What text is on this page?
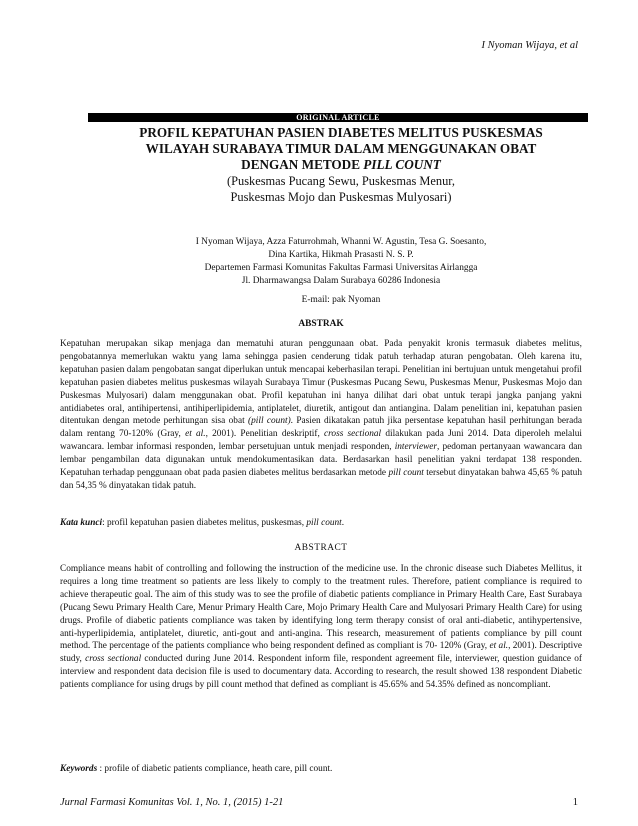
I Nyoman Wijaya, et al
ORIGINAL ARTICLE
PROFIL KEPATUHAN PASIEN DIABETES MELITUS PUSKESMAS
WILAYAH SURABAYA TIMUR DALAM MENGGUNAKAN OBAT
DENGAN METODE PILL COUNT
(Puskesmas Pucang Sewu, Puskesmas Menur,
Puskesmas Mojo dan Puskesmas Mulyosari)
I Nyoman Wijaya, Azza Faturrohmah, Whanni W. Agustin, Tesa G. Soesanto,
Dina Kartika, Hikmah Prasasti N. S. P.
Departemen Farmasi Komunitas Fakultas Farmasi Universitas Airlangga
Jl. Dharmawangsa Dalam Surabaya 60286 Indonesia
E-mail: pak Nyoman
ABSTRAK

Kepatuhan merupakan sikap menjaga dan mematuhi aturan penggunaan obat. Pada penyakit kronis termasuk diabetes melitus, pengobatannya memerlukan waktu yang lama sehingga pasien cenderung tidak patuh terhadap aturan pengobatan. Oleh karena itu, kepatuhan pasien dalam pengobatan sangat diperlukan untuk mencapai keberhasilan terapi. Penelitian ini bertujuan untuk mengetahui profil kepatuhan pasien diabetes melitus puskesmas wilayah Surabaya Timur (Puskesmas Pucang Sewu, Puskesmas Menur, Puskesmas Mojo dan Puskesmas Mulyosari) dalam menggunakan obat. Profil kepatuhan ini hanya dilihat dari obat untuk terapi jangka panjang yakni antidiabetes oral, antihipertensi, antihiperlipidemia, antiplatelet, diuretik, antigout dan antiangina. Dalam penelitian ini, kepatuhan pasien ditentukan dengan metode perhitungan sisa obat (pill count). Pasien dikatakan patuh jika persentase kepatuhan hasil perhitungan berada dalam rentang 70-120% (Gray, et al., 2001). Penelitian deskriptif, cross sectional dilakukan pada Juni 2014. Data diperoleh melalui wawancara. lembar informasi responden, lembar persetujuan untuk menjadi responden, interviewer, pedoman pertanyaan wawancara dan lembar pengambilan data digunakan untuk mendokumentasikan data. Berdasarkan hasil penelitian yakni terdapat 138 responden. Kepatuhan terhadap penggunaan obat pada pasien diabetes melitus berdasarkan metode pill count tersebut dinyatakan bahwa 45,65 % patuh dan 54,35 % dinyatakan tidak patuh.

Kata kunci: profil kepatuhan pasien diabetes melitus, puskesmas, pill count.
ABSTRACT

Compliance means habit of controlling and following the instruction of the medicine use. In the chronic disease such Diabetes Mellitus, it requires a long time treatment so patients are less likely to comply to the treatment rules. Therefore, patient compliance is required to achieve therapeutic goal. The aim of this study was to see the profile of diabetic patients compliance in Primary Health Care, East Surabaya (Pucang Sewu Primary Health Care, Menur Primary Health Care, Mojo Primary Health Care and Mulyosari Primary Health Care) for using drugs. Profile of diabetic patients compliance was taken by identifying long term therapy consist of oral anti-diabetic, antihypertensive, anti-hyperlipidemia, antiplatelet, diuretic, anti-gout and anti-angina. This research, measurement of patients compliance by pill count method. The percentage of the patients compliance who being respondent defined as compliant is 70- 120% (Gray, et al., 2001). Descriptive study, cross sectional conducted during June 2014. Respondent inform file, respondent agreement file, interviewer, question guidance of interview and respondent data decision file is used to documentary data. According to research, the result showed 138 respondent Diabetic patients compliance for using drugs by pill count method that defined as compliant is 45.65% and 54.35% defined as noncompliant.

Keywords : profile of diabetic patients compliance, heath care, pill count.
Jurnal Farmasi Komunitas Vol. 1, No. 1, (2015) 1-21	1
